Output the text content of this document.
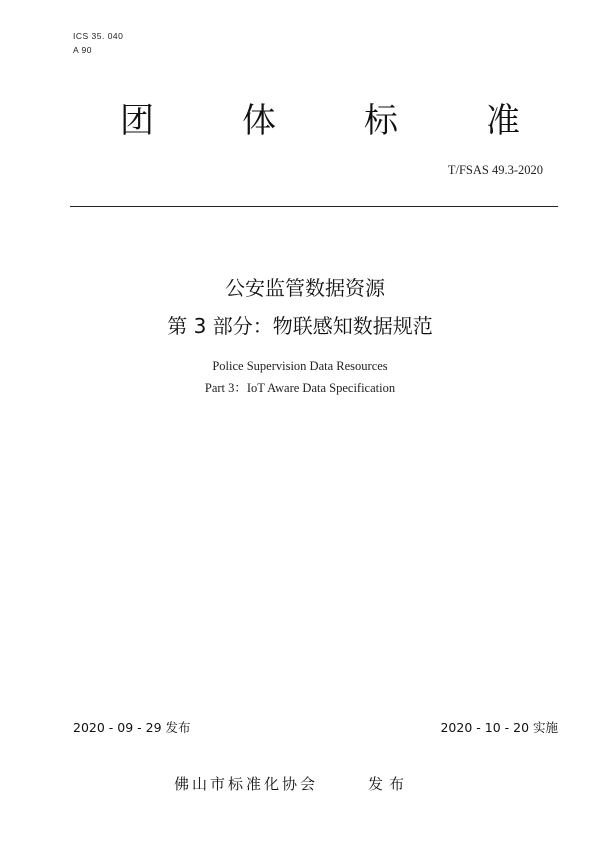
ICS 35. 040
A 90
团	体	标	准
T/FSAS 49.3-2020
公安监管数据资源
第 3 部分：物联感知数据规范
Police Supervision Data Resources
Part 3：IoT Aware Data Specification
2020 - 09 - 29 发布	2020 - 10 - 20 实施
佛山市标准化协会	发布
